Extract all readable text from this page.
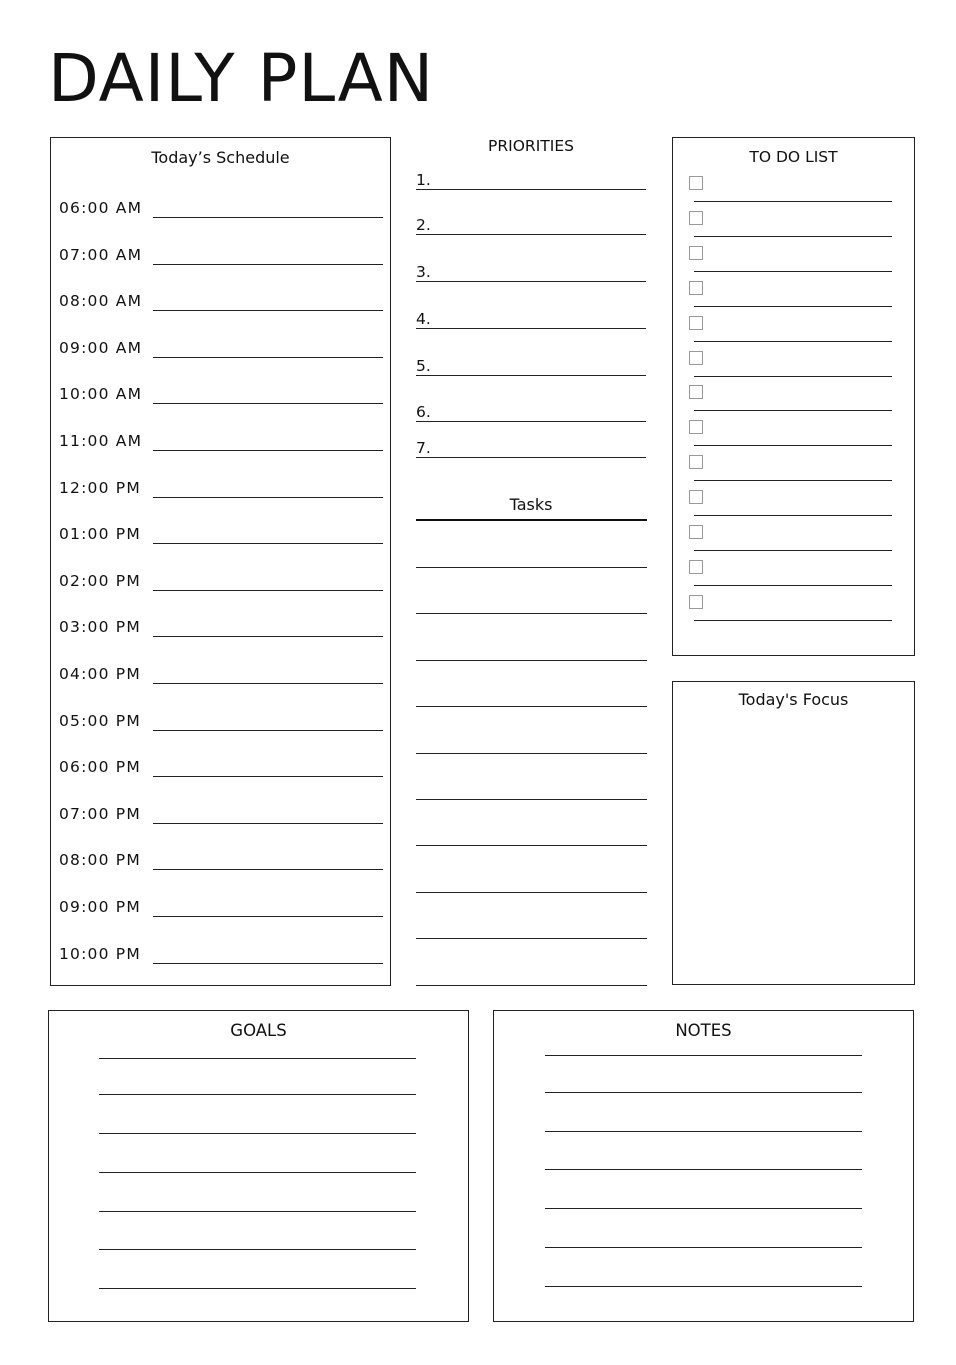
DAILY PLAN
Today’s Schedule
06:00 AM
07:00 AM
08:00 AM
09:00 AM
10:00 AM
11:00 AM
12:00 PM
01:00 PM
02:00 PM
03:00 PM
04:00 PM
05:00 PM
06:00 PM
07:00 PM
08:00 PM
09:00 PM
10:00 PM
PRIORITIES
1.
2.
3.
4.
5.
6.
7.
Tasks
TO DO LIST
Today's Focus
GOALS	NOTES
